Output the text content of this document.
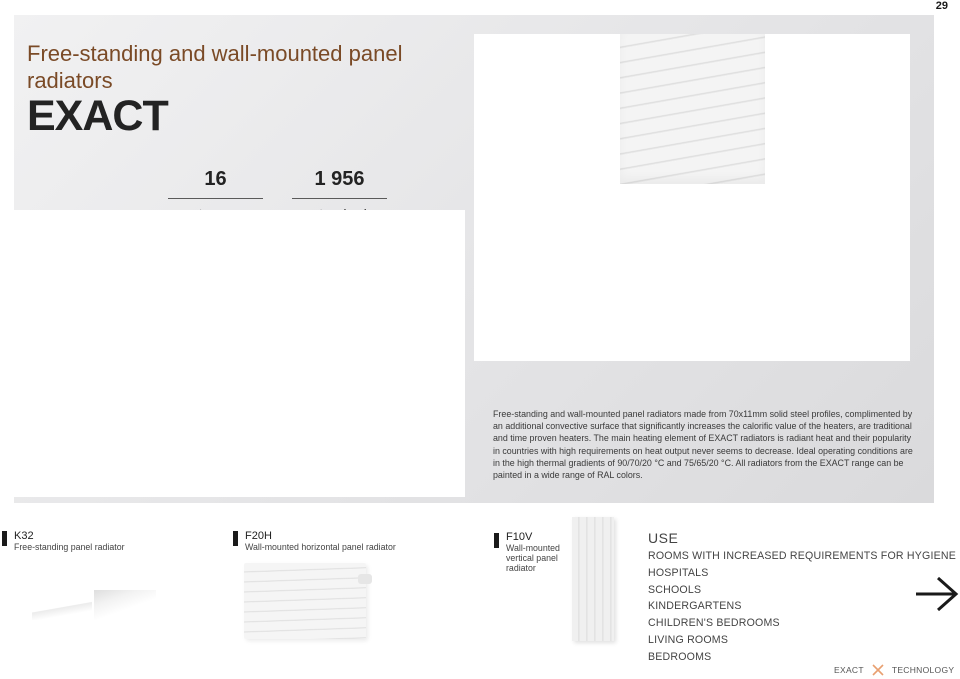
29
Free-standing and wall-mounted panel radiators
EXACT
16	1 956

Free-standing and wall-mounted panel radiators made from 70x11mm solid steel profiles, complimented by an additional convective surface that significantly increases the calorific value of the heaters, are traditional and time proven heaters. The main heating element of EXACT radiators is radiant heat and their popularity in countries with high requirements on heat output never seems to decrease. Ideal operating conditions are in the high thermal gradients of 90/70/20 °C and 75/65/20 °C. All radiators from the EXACT range can be painted in a wide range of RAL colors.

K32
Free-standing panel radiator
F20H
Wall-mounted horizontal panel radiator
F10V
Wall-mounted vertical panel radiator
USE
ROOMS WITH INCREASED REQUIREMENTS FOR HYGIENE
HOSPITALS
SCHOOLS
KINDERGARTENS
CHILDREN'S BEDROOMS
LIVING ROOMS
BEDROOMS
EXACT	TECHNOLOGY
